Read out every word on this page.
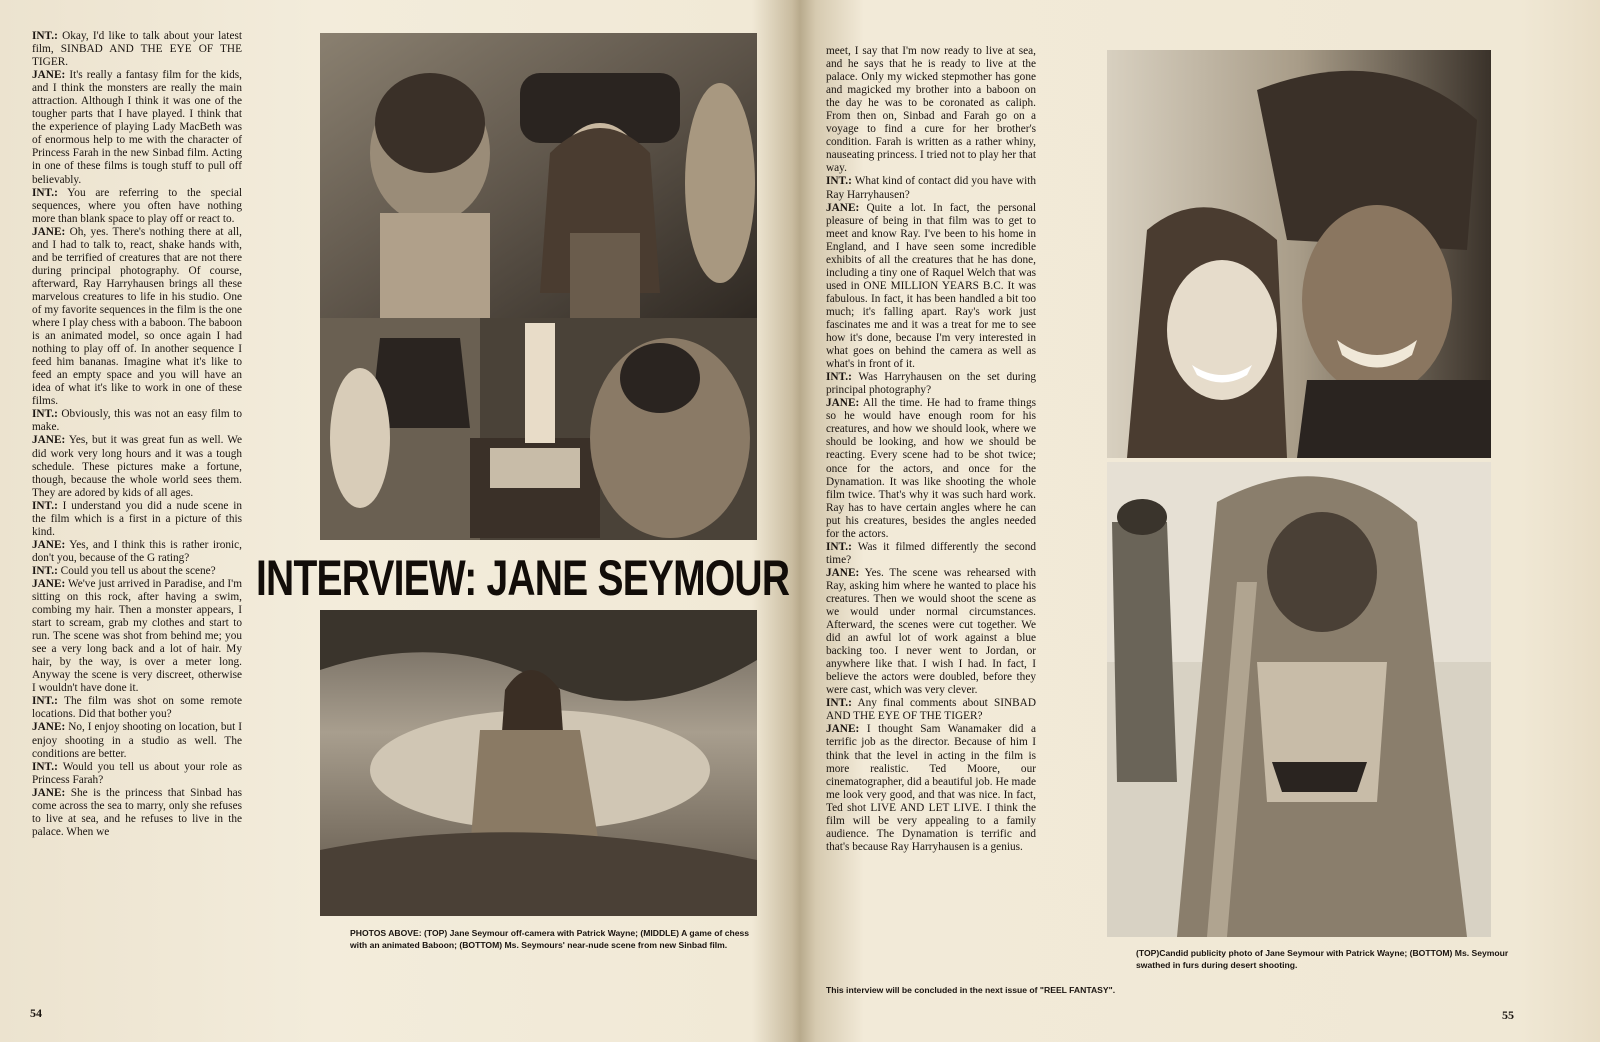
INT.: Okay, I'd like to talk about your latest film, SINBAD AND THE EYE OF THE TIGER.

JANE: It's really a fantasy film for the kids, and I think the monsters are really the main attraction. Although I think it was one of the tougher parts that I have played. I think that the experience of playing Lady MacBeth was of enormous help to me with the character of Princess Farah in the new Sinbad film. Acting in one of these films is tough stuff to pull off believably.

INT.: You are referring to the special sequences, where you often have nothing more than blank space to play off or react to.

JANE: Oh, yes. There's nothing there at all, and I had to talk to, react, shake hands with, and be terrified of creatures that are not there during principal photography. Of course, afterward, Ray Harryhausen brings all these marvelous creatures to life in his studio. One of my favorite sequences in the film is the one where I play chess with a baboon. The baboon is an animated model, so once again I had nothing to play off of. In another sequence I feed him bananas. Imagine what it's like to feed an empty space and you will have an idea of what it's like to work in one of these films.

INT.: Obviously, this was not an easy film to make.

JANE: Yes, but it was great fun as well. We did work very long hours and it was a tough schedule. These pictures make a fortune, though, because the whole world sees them. They are adored by kids of all ages.

INT.: I understand you did a nude scene in the film which is a first in a picture of this kind.

JANE: Yes, and I think this is rather ironic, don't you, because of the G rating?

INT.: Could you tell us about the scene?

JANE: We've just arrived in Paradise, and I'm sitting on this rock, after having a swim, combing my hair. Then a monster appears, I start to scream, grab my clothes and start to run. The scene was shot from behind me; you see a very long back and a lot of hair. My hair, by the way, is over a meter long. Anyway the scene is very discreet, otherwise I wouldn't have done it.

INT.: The film was shot on some remote locations. Did that bother you?

JANE: No, I enjoy shooting on location, but I enjoy shooting in a studio as well. The conditions are better.

INT.: Would you tell us about your role as Princess Farah?

JANE: She is the princess that Sinbad has come across the sea to marry, only she refuses to live at sea, and he refuses to live in the palace. When we

INTERVIEW: JANE SEYMOUR
PHOTOS ABOVE: (TOP) Jane Seymour off-camera with Patrick Wayne; (MIDDLE) A game of chess with an animated Baboon; (BOTTOM) Ms. Seymours' near-nude scene from new Sinbad film.

meet, I say that I'm now ready to live at sea, and he says that he is ready to live at the palace. Only my wicked stepmother has gone and magicked my brother into a baboon on the day he was to be coronated as caliph. From then on, Sinbad and Farah go on a voyage to find a cure for her brother's condition. Farah is written as a rather whiny, nauseating princess. I tried not to play her that way.

INT.: What kind of contact did you have with Ray Harryhausen?

JANE: Quite a lot. In fact, the personal pleasure of being in that film was to get to meet and know Ray. I've been to his home in England, and I have seen some incredible exhibits of all the creatures that he has done, including a tiny one of Raquel Welch that was used in ONE MILLION YEARS B.C. It was fabulous. In fact, it has been handled a bit too much; it's falling apart. Ray's work just fascinates me and it was a treat for me to see how it's done, because I'm very interested in what goes on behind the camera as well as what's in front of it.

INT.: Was Harryhausen on the set during principal photography?

JANE: All the time. He had to frame things so he would have enough room for his creatures, and how we should look, where we should be looking, and how we should be reacting. Every scene had to be shot twice; once for the actors, and once for the Dynamation. It was like shooting the whole film twice. That's why it was such hard work. Ray has to have certain angles where he can put his creatures, besides the angles needed for the actors.

INT.: Was it filmed differently the second time?

JANE: Yes. The scene was rehearsed with Ray, asking him where he wanted to place his creatures. Then we would shoot the scene as we would under normal circumstances. Afterward, the scenes were cut together. We did an awful lot of work against a blue backing too. I never went to Jordan, or anywhere like that. I wish I had. In fact, I believe the actors were doubled, before they were cast, which was very clever.

INT.: Any final comments about SINBAD AND THE EYE OF THE TIGER?

JANE: I thought Sam Wanamaker did a terrific job as the director. Because of him I think that the level in acting in the film is more realistic. Ted Moore, our cinematographer, did a beautiful job. He made me look very good, and that was nice. In fact, Ted shot LIVE AND LET LIVE. I think the film will be very appealing to a family audience. The Dynamation is terrific and that's because Ray Harryhausen is a genius.

(TOP)Candid publicity photo of Jane Seymour with Patrick Wayne; (BOTTOM) Ms. Seymour swathed in furs during desert shooting.
This interview will be concluded in the next issue of "REEL FANTASY".
54	55
